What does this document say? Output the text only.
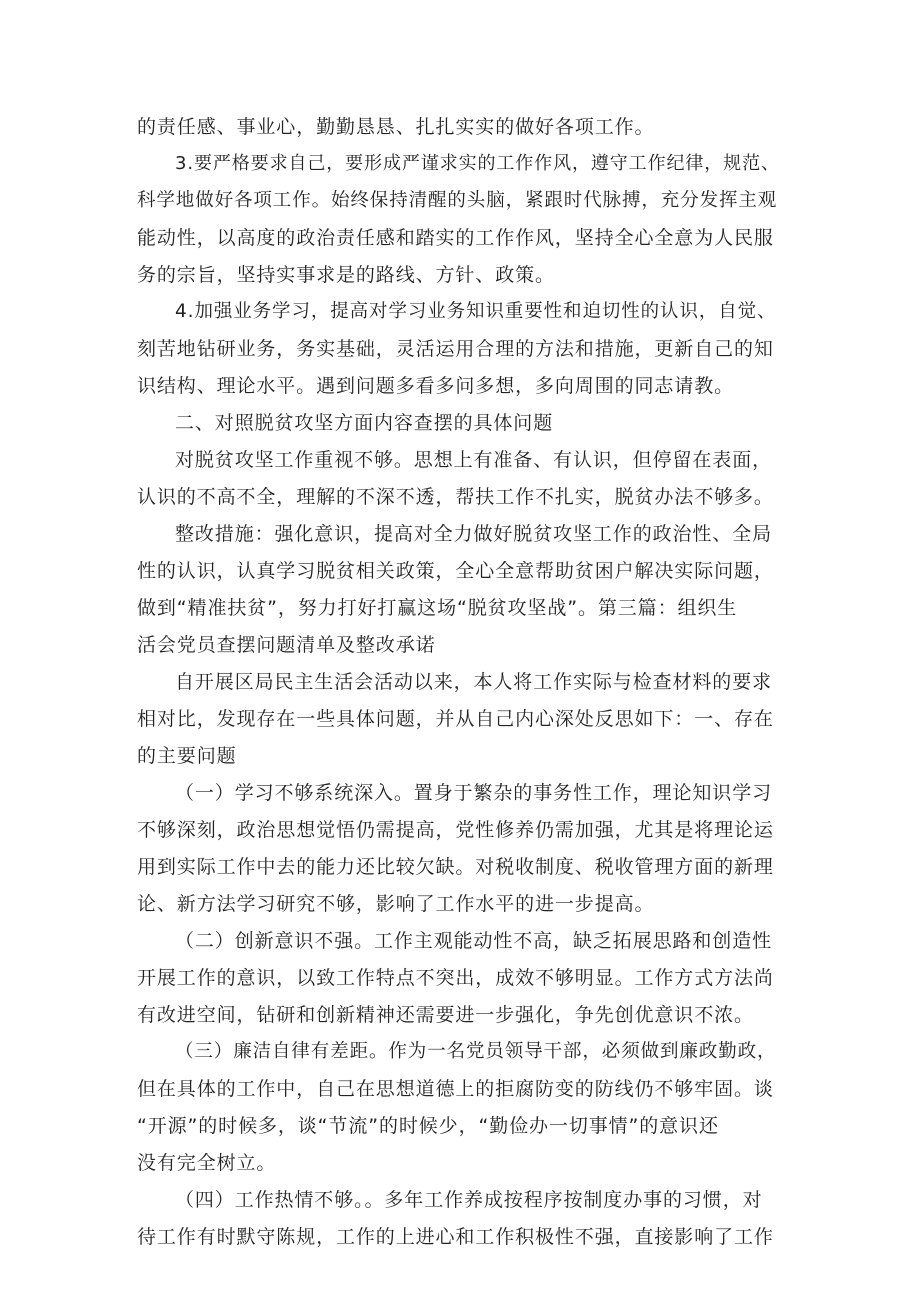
的责任感、事业心，勤勤恳恳、扎扎实实的做好各项工作。
3.要严格要求自己，要形成严谨求实的工作作风，遵守工作纪律，规范、
科学地做好各项工作。始终保持清醒的头脑，紧跟时代脉搏，充分发挥主观
能动性，以高度的政治责任感和踏实的工作作风，坚持全心全意为人民服
务的宗旨，坚持实事求是的路线、方针、政策。
4.加强业务学习，提高对学习业务知识重要性和迫切性的认识，自觉、
刻苦地钻研业务，务实基础，灵活运用合理的方法和措施，更新自己的知
识结构、理论水平。遇到问题多看多问多想，多向周围的同志请教。
二、对照脱贫攻坚方面内容查摆的具体问题
对脱贫攻坚工作重视不够。思想上有准备、有认识，但停留在表面，
认识的不高不全，理解的不深不透，帮扶工作不扎实，脱贫办法不够多。
整改措施：强化意识，提高对全力做好脱贫攻坚工作的政治性、全局
性的认识，认真学习脱贫相关政策，全心全意帮助贫困户解决实际问题，
做到“精准扶贫”，努力打好打赢这场“脱贫攻坚战”。第三篇：组织生
活会党员查摆问题清单及整改承诺
自开展区局民主生活会活动以来，本人将工作实际与检查材料的要求
相对比，发现存在一些具体问题，并从自己内心深处反思如下：一、存在
的主要问题
（一）学习不够系统深入。置身于繁杂的事务性工作，理论知识学习
不够深刻，政治思想觉悟仍需提高，党性修养仍需加强，尤其是将理论运
用到实际工作中去的能力还比较欠缺。对税收制度、税收管理方面的新理
论、新方法学习研究不够，影响了工作水平的进一步提高。
（二）创新意识不强。工作主观能动性不高，缺乏拓展思路和创造性
开展工作的意识，以致工作特点不突出，成效不够明显。工作方式方法尚
有改进空间，钻研和创新精神还需要进一步强化，争先创优意识不浓。
（三）廉洁自律有差距。作为一名党员领导干部，必须做到廉政勤政，
但在具体的工作中，自己在思想道德上的拒腐防变的防线仍不够牢固。谈
“开源”的时候多，谈“节流”的时候少，“勤俭办一切事情”的意识还
没有完全树立。
（四）工作热情不够。。多年工作养成按程序按制度办事的习惯，对
待工作有时默守陈规，工作的上进心和工作积极性不强，直接影响了工作
